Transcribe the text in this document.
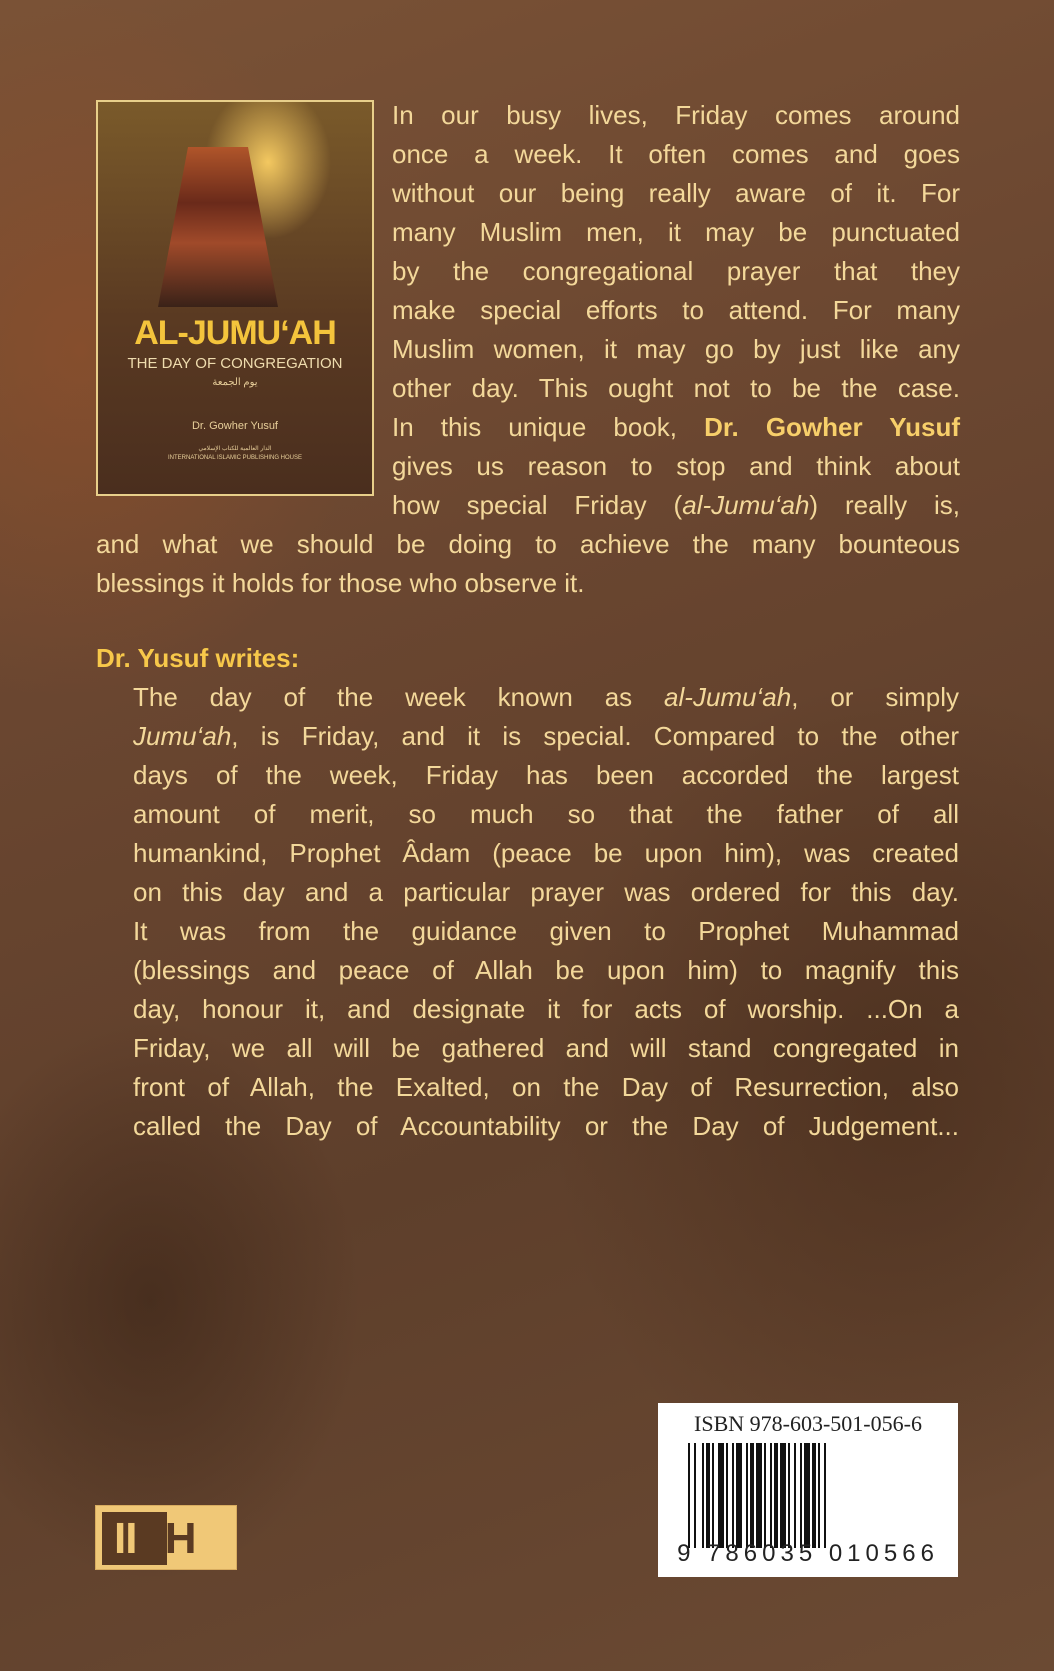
AL-JUMU‘AH
THE DAY OF CONGREGATION
يوم الجمعة
Dr. Gowher Yusuf
الدار العالمية للكتاب الإسلامي
INTERNATIONAL ISLAMIC PUBLISHING HOUSE
In our busy lives, Friday comes around
once a week. It often comes and goes
without our being really aware of it. For
many Muslim men, it may be punctuated
by the congregational prayer that they
make special efforts to attend. For many
Muslim women, it may go by just like any
other day. This ought not to be the case.
In this unique book, Dr. Gowher Yusuf
gives us reason to stop and think about
how special Friday (al-Jumu‘ah) really is,
and what we should be doing to achieve the many bounteous
blessings it holds for those who observe it.
Dr. Yusuf writes:
The day of the week known as al-Jumu‘ah, or simply
Jumu‘ah, is Friday, and it is special. Compared to the other
days of the week, Friday has been accorded the largest
amount of merit, so much so that the father of all
humankind, Prophet Âdam (peace be upon him), was created
on this day and a particular prayer was ordered for this day.
It was from the guidance given to Prophet Muhammad
(blessings and peace of Allah be upon him) to magnify this
day, honour it, and designate it for acts of worship. ...On a
Friday, we all will be gathered and will stand congregated in
front of Allah, the Exalted, on the Day of Resurrection, also
called the Day of Accountability or the Day of Judgement...
ISBN 978-603-501-056-6
9 786035 010566
IIPH
